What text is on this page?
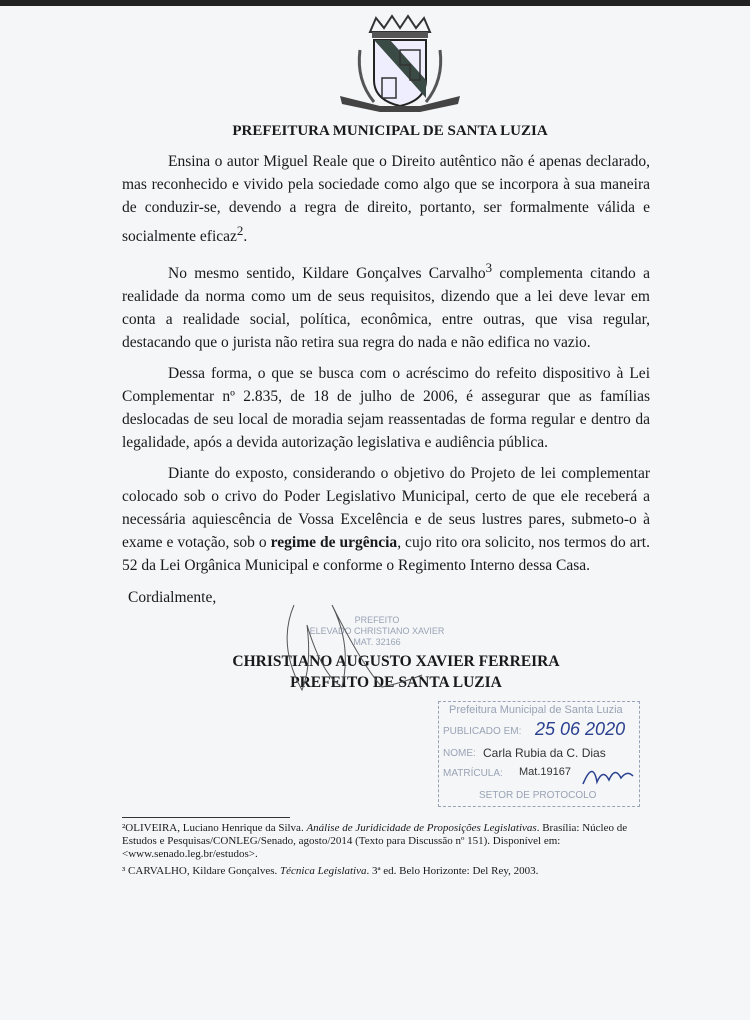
PREFEITURA MUNICIPAL DE SANTA LUZIA

Ensina o autor Miguel Reale que o Direito autêntico não é apenas declarado, mas reconhecido e vivido pela sociedade como algo que se incorpora à sua maneira de conduzir-se, devendo a regra de direito, portanto, ser formalmente válida e socialmente eficaz$^2$.

No mesmo sentido, Kildare Gonçalves Carvalho$^3$ complementa citando a realidade da norma como um de seus requisitos, dizendo que a lei deve levar em conta a realidade social, política, econômica, entre outras, que visa regular, destacando que o jurista não retira sua regra do nada e não edifica no vazio.

Dessa forma, o que se busca com o acréscimo do refeito dispositivo à Lei Complementar nº 2.835, de 18 de julho de 2006, é assegurar que as famílias deslocadas de seu local de moradia sejam reassentadas de forma regular e dentro da legalidade, após a devida autorização legislativa e audiência pública.

Diante do exposto, considerando o objetivo do Projeto de lei complementar colocado sob o crivo do Poder Legislativo Municipal, certo de que ele receberá a necessária aquiescência de Vossa Excelência e de seus lustres pares, submeto-o à exame e votação, sob o regime de urgência, cujo rito ora solicito, nos termos do art. 52 da Lei Orgânica Municipal e conforme o Regimento Interno dessa Casa.

Cordialmente,
PREFEITO
ELEVADO CHRISTIANO XAVIER
MAT. 32166
CHRISTIANO AUGUSTO XAVIER FERREIRA
PREFEITO DE SANTA LUZIA
Prefeitura Municipal de Santa Luzia
PUBLICADO EM: 25 06 2020
NOME: Carla Rubia da C. Dias
MATRÍCULA: Mat.19167
SETOR DE PROTOCOLO
²OLIVEIRA, Luciano Henrique da Silva. Análise de Juridicidade de Proposições Legislativas. Brasília: Núcleo de Estudos e Pesquisas/CONLEG/Senado, agosto/2014 (Texto para Discussão nº 151). Disponível em: <www.senado.leg.br/estudos>.
³ CARVALHO, Kildare Gonçalves. Técnica Legislativa. 3ª ed. Belo Horizonte: Del Rey, 2003.
